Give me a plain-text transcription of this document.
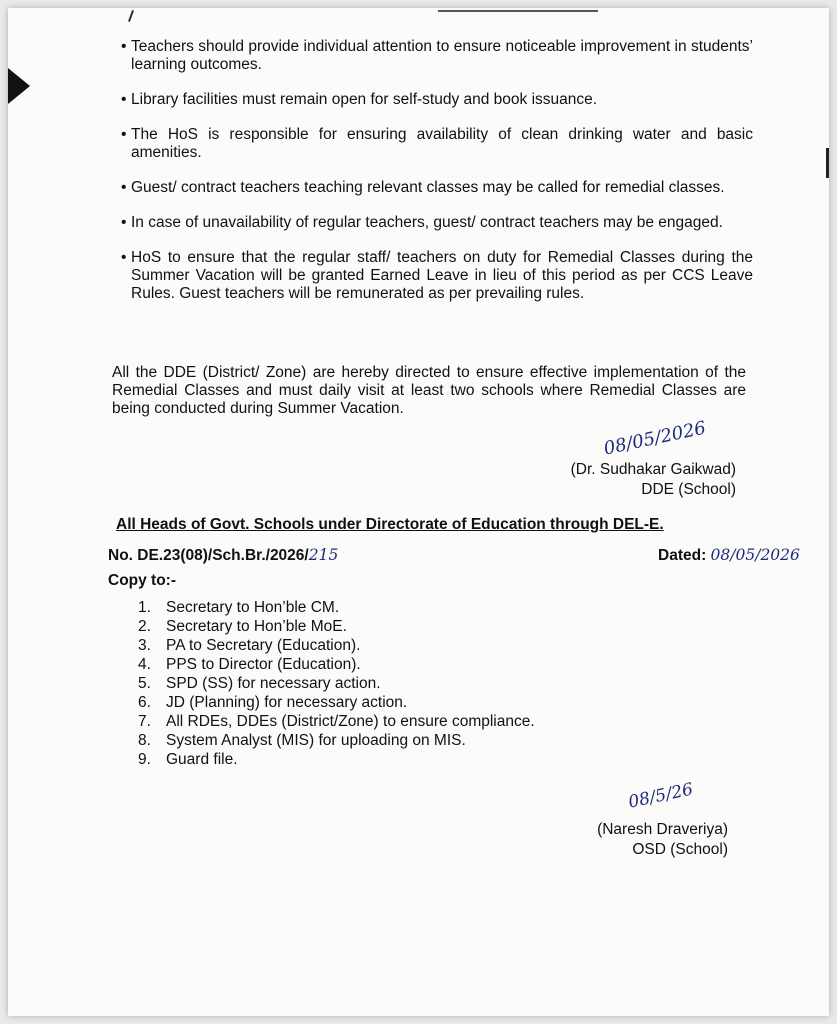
• Teachers should provide individual attention to ensure noticeable improvement in students’ learning outcomes.
• Library facilities must remain open for self-study and book issuance.
• The HoS is responsible for ensuring availability of clean drinking water and basic amenities.
• Guest/ contract teachers teaching relevant classes may be called for remedial classes.
• In case of unavailability of regular teachers, guest/ contract teachers may be engaged.
• HoS to ensure that the regular staff/ teachers on duty for Remedial Classes during the Summer Vacation will be granted Earned Leave in lieu of this period as per CCS Leave Rules. Guest teachers will be remunerated as per prevailing rules.
All the DDE (District/ Zone) are hereby directed to ensure effective implementation of the Remedial Classes and must daily visit at least two schools where Remedial Classes are being conducted during Summer Vacation.
08/05/2026
(Dr. Sudhakar Gaikwad)
DDE (School)
All Heads of Govt. Schools under Directorate of Education through DEL-E.
No. DE.23(08)/Sch.Br./2026/215	Dated: 08/05/2026
Copy to:-
1. Secretary to Hon’ble CM.
2. Secretary to Hon’ble MoE.
3. PA to Secretary (Education).
4. PPS to Director (Education).
5. SPD (SS) for necessary action.
6. JD (Planning) for necessary action.
7. All RDEs, DDEs (District/Zone) to ensure compliance.
8. System Analyst (MIS) for uploading on MIS.
9. Guard file.
08/5/26
(Naresh Draveriya)
OSD (School)
